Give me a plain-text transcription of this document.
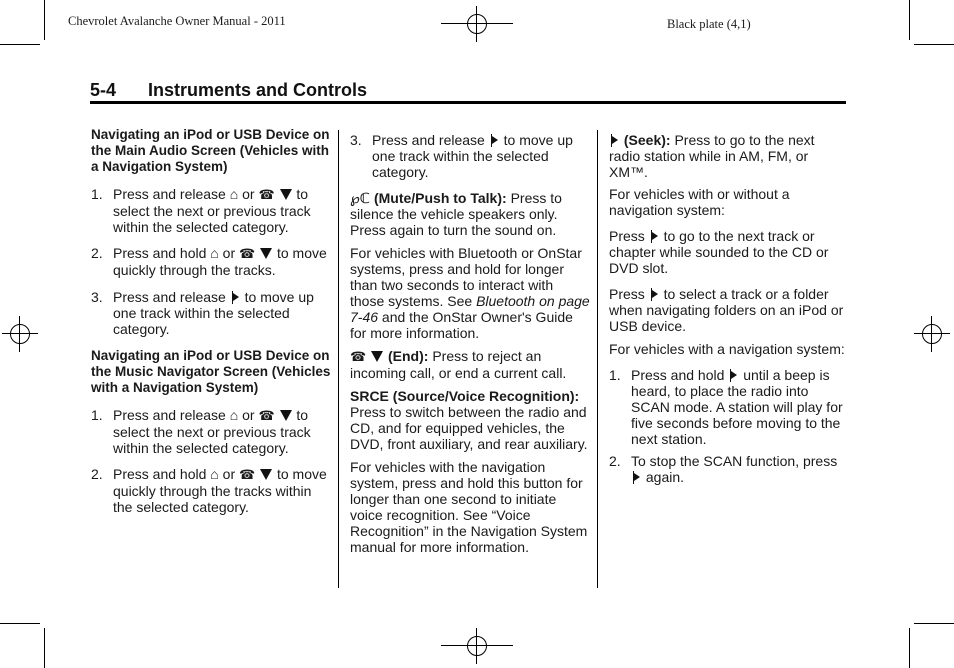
Chevrolet Avalanche Owner Manual - 2011	Black plate (4,1)
5-4 Instruments and Controls

Navigating an iPod or USB Device on the Main Audio Screen (Vehicles with a Navigation System)

1. Press and release ⌂ or ☎ to select the next or previous track within the selected category.
2. Press and hold ⌂ or ☎ to move quickly through the tracks.
3. Press and release to move up one track within the selected category.

Navigating an iPod or USB Device on the Music Navigator Screen (Vehicles with a Navigation System)

1. Press and release ⌂ or ☎ to select the next or previous track within the selected category.
2. Press and hold ⌂ or ☎ to move quickly through the tracks within the selected category.
3. Press and release to move up one track within the selected category.

℘ℂ (Mute/Push to Talk): Press to silence the vehicle speakers only. Press again to turn the sound on.

For vehicles with Bluetooth or OnStar systems, press and hold for longer than two seconds to interact with those systems. See Bluetooth on page 7-46 and the OnStar Owner's Guide for more information.

☎ (End): Press to reject an incoming call, or end a current call.

SRCE (Source/Voice Recognition): Press to switch between the radio and CD, and for equipped vehicles, the DVD, front auxiliary, and rear auxiliary.

For vehicles with the navigation system, press and hold this button for longer than one second to initiate voice recognition. See “Voice Recognition” in the Navigation System manual for more information.

(Seek): Press to go to the next radio station while in AM, FM, or XM™.

For vehicles with or without a navigation system:

Press to go to the next track or chapter while sounded to the CD or DVD slot.

Press to select a track or a folder when navigating folders on an iPod or USB device.

For vehicles with a navigation system:

1. Press and hold until a beep is heard, to place the radio into SCAN mode. A station will play for five seconds before moving to the next station.
2. To stop the SCAN function, press  again.
